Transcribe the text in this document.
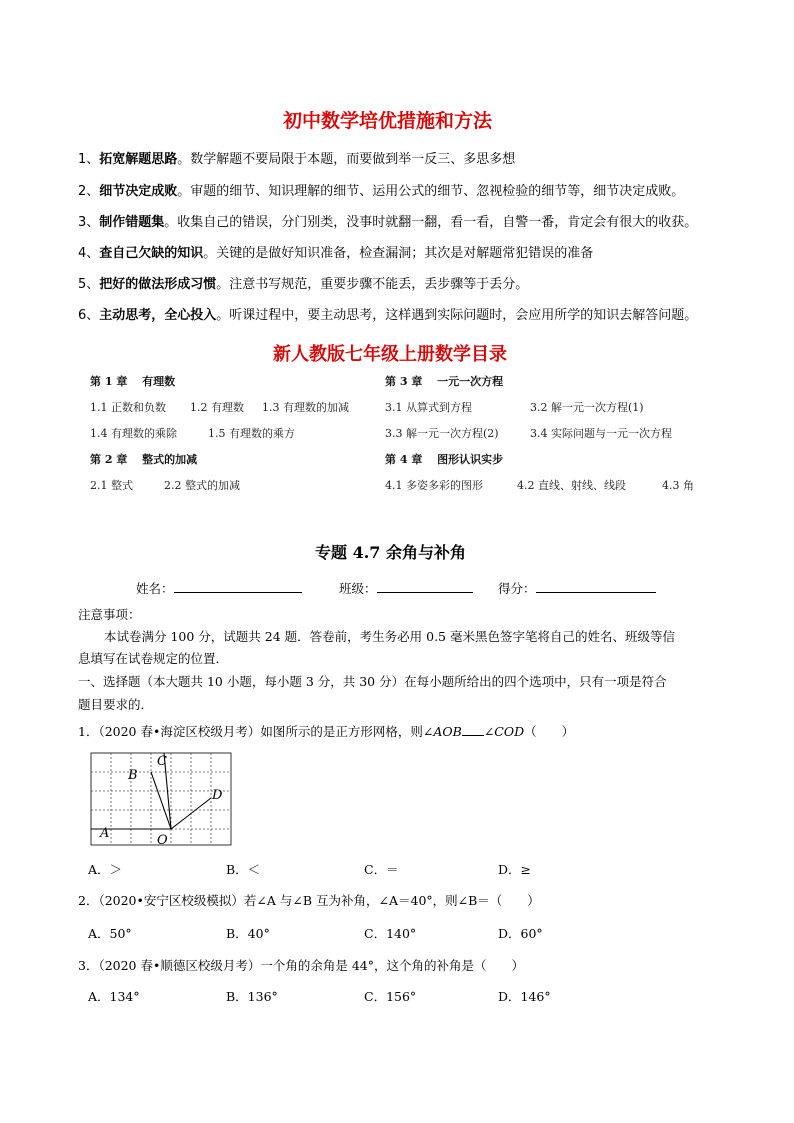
初中数学培优措施和方法
1、拓宽解题思路。数学解题不要局限于本题，而要做到举一反三、多思多想
2、细节决定成败。审题的细节、知识理解的细节、运用公式的细节、忽视检验的细节等，细节决定成败。
3、制作错题集。收集自己的错误，分门别类，没事时就翻一翻，看一看，自警一番，肯定会有很大的收获。
4、查自己欠缺的知识。关键的是做好知识准备，检查漏洞；其次是对解题常犯错误的准备
5、把好的做法形成习惯。注意书写规范，重要步骤不能丢，丢步骤等于丢分。
6、主动思考，全心投入。听课过程中，要主动思考，这样遇到实际问题时，会应用所学的知识去解答问题。
新人教版七年级上册数学目录
第 1 章　 有理数
1.1 正数和负数 1.2 有理数 1.3 有理数的加减
1.4 有理数的乘除	1.5 有理数的乘方
第 2 章　 整式的加减
2.1 整式	2.2 整式的加减
第 3 章　 一元一次方程
3.1 从算式到方程	3.2 解一元一次方程(1)
3.3 解一元一次方程(2)	3.4 实际问题与一元一次方程
第 4 章　 图形认识实步
4.1 多姿多彩的图形	4.2 直线、射线、线段	4.3 角
专题 4.7 余角与补角
姓名：	班级：	得分：
注意事项：
本试卷满分 100 分，试题共 24 题．答卷前，考生务必用 0.5 毫米黑色签字笔将自己的姓名、班级等信
息填写在试卷规定的位置．
一、选择题（本大题共 10 小题，每小题 3 分，共 30 分）在每小题所给出的四个选项中，只有一项是符合
题目要求的．
1．（2020 春•海淀区校级月考）如图所示的是正方形网格，则∠AOB ∠COD（　　）
A
B
C
D
O
A．＞	B．＜	C．＝	D．≥
2．（2020•安宁区校级模拟）若∠A 与∠B 互为补角，∠A＝40°，则∠B＝（　　）
A．50°	B．40°	C．140°	D．60°
3．（2020 春•顺德区校级月考）一个角的余角是 44°，这个角的补角是（　　）
A．134°	B．136°	C．156°	D．146°
